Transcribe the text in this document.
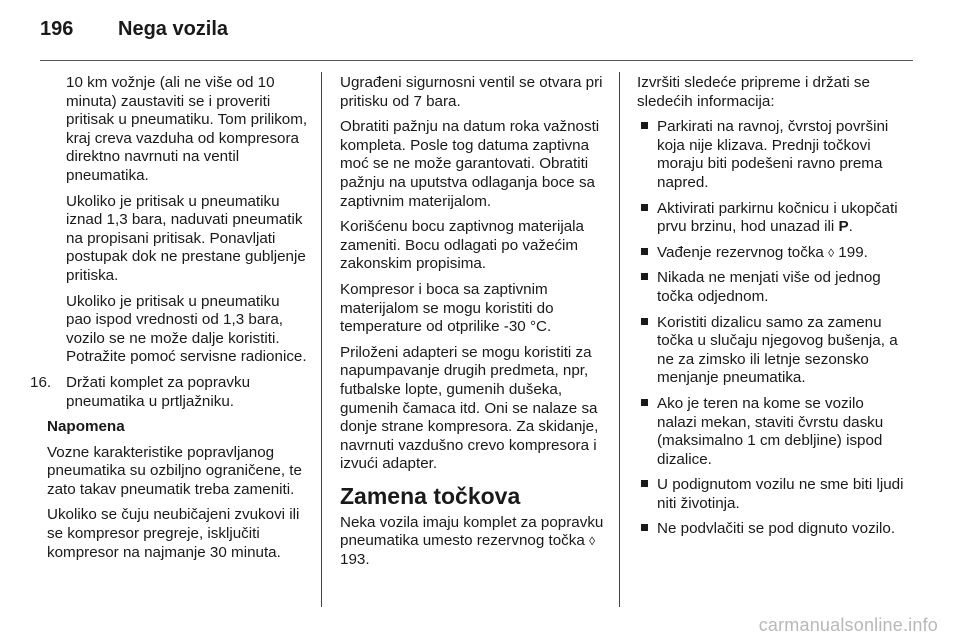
196	Nega vozila

10 km vožnje (ali ne više od 10 minuta) zaustaviti se i proveriti pritisak u pneumatiku. Tom prilikom, kraj creva vazduha od kompresora direktno navrnuti na ventil pneumatika.

Ukoliko je pritisak u pneumatiku iznad 1,3 bara, naduvati pneumatik na propisani pritisak. Ponavljati postupak dok ne prestane gubljenje pritiska.

Ukoliko je pritisak u pneumatiku pao ispod vrednosti od 1,3 bara, vozilo se ne može dalje koristiti. Potražite pomoć servisne radionice.

16. Držati komplet za popravku pneumatika u prtljažniku.

Napomena

Vozne karakteristike popravljanog pneumatika su ozbiljno ograničene, te zato takav pneumatik treba zameniti.

Ukoliko se čuju neubičajeni zvukovi ili se kompresor pregreje, isključiti kompresor na najmanje 30 minuta.

Ugrađeni sigurnosni ventil se otvara pri pritisku od 7 bara.

Obratiti pažnju na datum roka važnosti kompleta. Posle tog datuma zaptivna moć se ne može garantovati. Obratiti pažnju na uputstva odlaganja boce sa zaptivnim materijalom.

Korišćenu bocu zaptivnog materijala zameniti. Bocu odlagati po važećim zakonskim propisima.

Kompresor i boca sa zaptivnim materijalom se mogu koristiti do temperature od otprilike -30 °C.

Priloženi adapteri se mogu koristiti za napumpavanje drugih predmeta, npr, futbalske lopte, gumenih dušeka, gumenih čamaca itd. Oni se nalaze sa donje strane kompresora. Za skidanje, navrnuti vazdušno crevo kompresora i izvući adapter.

Zamena točkova

Neka vozila imaju komplet za popravku pneumatika umesto rezervnog točka ◊ 193.

Izvršiti sledeće pripreme i držati se sledećih informacija:

Parkirati na ravnoj, čvrstoj površini koja nije klizava. Prednji točkovi moraju biti podešeni ravno prema napred.
Aktivirati parkirnu kočnicu i ukopčati prvu brzinu, hod unazad ili P.
Vađenje rezervnog točka ◊ 199.
Nikada ne menjati više od jednog točka odjednom.
Koristiti dizalicu samo za zamenu točka u slučaju njegovog bušenja, a ne za zimsko ili letnje sezonsko menjanje pneumatika.
Ako je teren na kome se vozilo nalazi mekan, staviti čvrstu dasku (maksimalno 1 cm debljine) ispod dizalice.
U podignutom vozilu ne sme biti ljudi niti životinja.
Ne podvlačiti se pod dignuto vozilo.
carmanualsonline.info
